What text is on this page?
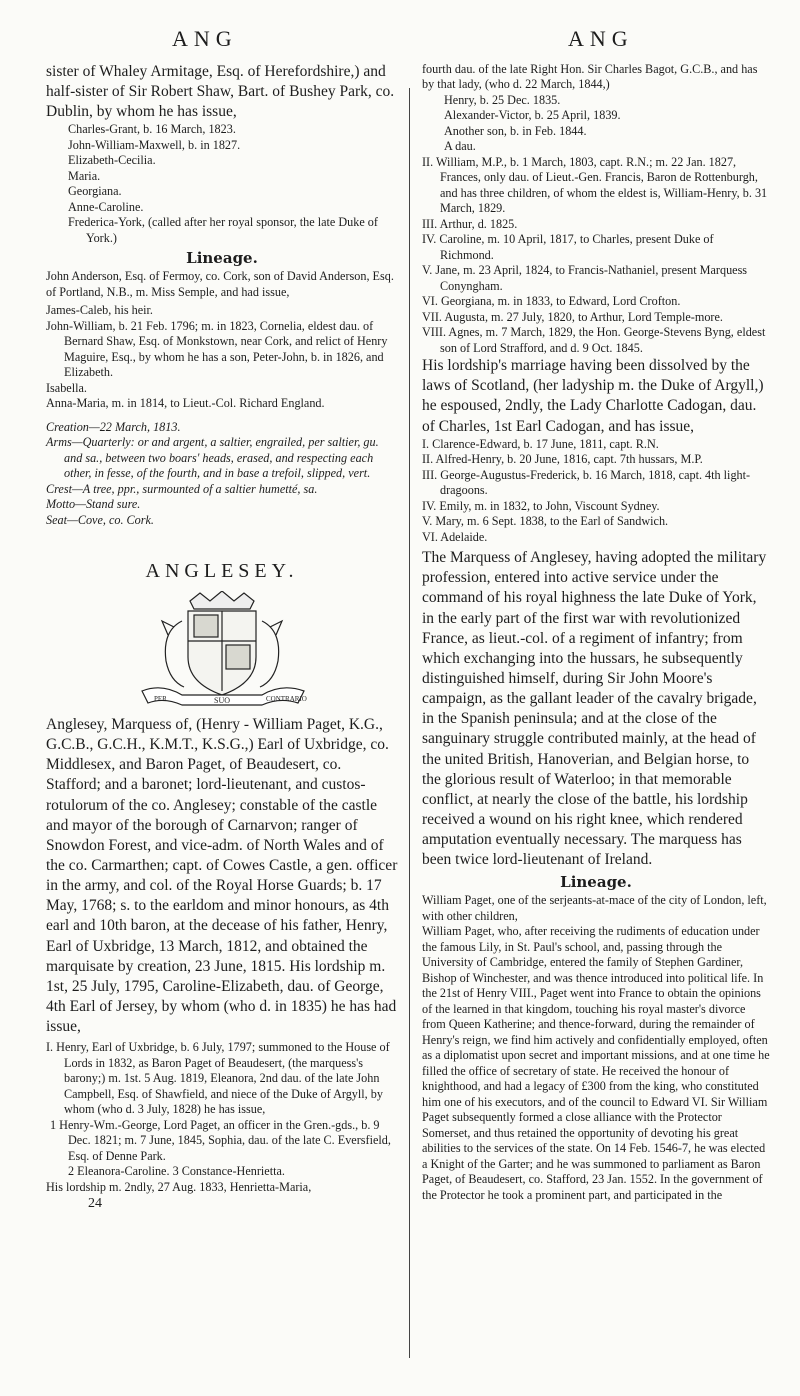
ANG	ANG

sister of Whaley Armitage, Esq. of Herefordshire,) and half-sister of Sir Robert Shaw, Bart. of Bushey Park, co. Dublin, by whom he has issue,

Charles-Grant, b. 16 March, 1823.

John-William-Maxwell, b. in 1827.

Elizabeth-Cecilia.

Maria.

Georgiana.

Anne-Caroline.

Frederica-York, (called after her royal sponsor, the late Duke of York.)

Lineage.

John Anderson, Esq. of Fermoy, co. Cork, son of David Anderson, Esq. of Portland, N.B., m. Miss Semple, and had issue,

James-Caleb, his heir.

John-William, b. 21 Feb. 1796; m. in 1823, Cornelia, eldest dau. of Bernard Shaw, Esq. of Monkstown, near Cork, and relict of Henry Maguire, Esq., by whom he has a son, Peter-John, b. in 1826, and Elizabeth.

Isabella.

Anna-Maria, m. in 1814, to Lieut.-Col. Richard England.

Creation—22 March, 1813.

Arms—Quarterly: or and argent, a saltier, engrailed, per saltier, gu. and sa., between two boars' heads, erased, and respecting each other, in fesse, of the fourth, and in base a trefoil, slipped, vert.

Crest—A tree, ppr., surmounted of a saltier humetté, sa.

Motto—Stand sure.

Seat—Cove, co. Cork.

ANGLESEY.
PER	SUO	CONTRARIO

Anglesey, Marquess of, (Henry - William Paget, K.G., G.C.B., G.C.H., K.M.T., K.S.G.,) Earl of Uxbridge, co. Middlesex, and Baron Paget, of Beaudesert, co. Stafford; and a baronet; lord-lieutenant, and custos-rotulorum of the co. Anglesey; constable of the castle and mayor of the borough of Carnarvon; ranger of Snowdon Forest, and vice-adm. of North Wales and of the co. Carmarthen; capt. of Cowes Castle, a gen. officer in the army, and col. of the Royal Horse Guards; b. 17 May, 1768; s. to the earldom and minor honours, as 4th earl and 10th baron, at the decease of his father, Henry, Earl of Uxbridge, 13 March, 1812, and obtained the marquisate by creation, 23 June, 1815. His lordship m. 1st, 25 July, 1795, Caroline-Elizabeth, dau. of George, 4th Earl of Jersey, by whom (who d. in 1835) he has had issue,

I. Henry, Earl of Uxbridge, b. 6 July, 1797; summoned to the House of Lords in 1832, as Baron Paget of Beaudesert, (the marquess's barony;) m. 1st. 5 Aug. 1819, Eleanora, 2nd dau. of the late John Campbell, Esq. of Shawfield, and niece of the Duke of Argyll, by whom (who d. 3 July, 1828) he has issue,

1 Henry-Wm.-George, Lord Paget, an officer in the Gren.-gds., b. 9 Dec. 1821; m. 7 June, 1845, Sophia, dau. of the late C. Eversfield, Esq. of Denne Park.

2 Eleanora-Caroline. 3 Constance-Henrietta.

His lordship m. 2ndly, 27 Aug. 1833, Henrietta-Maria,

24

fourth dau. of the late Right Hon. Sir Charles Bagot, G.C.B., and has by that lady, (who d. 22 March, 1844,)

Henry, b. 25 Dec. 1835.

Alexander-Victor, b. 25 April, 1839.

Another son, b. in Feb. 1844.

A dau.

II. William, M.P., b. 1 March, 1803, capt. R.N.; m. 22 Jan. 1827, Frances, only dau. of Lieut.-Gen. Francis, Baron de Rottenburgh, and has three children, of whom the eldest is, William-Henry, b. 31 March, 1829.

III. Arthur, d. 1825.

IV. Caroline, m. 10 April, 1817, to Charles, present Duke of Richmond.

V. Jane, m. 23 April, 1824, to Francis-Nathaniel, present Marquess Conyngham.

VI. Georgiana, m. in 1833, to Edward, Lord Crofton.

VII. Augusta, m. 27 July, 1820, to Arthur, Lord Temple-more.

VIII. Agnes, m. 7 March, 1829, the Hon. George-Stevens Byng, eldest son of Lord Strafford, and d. 9 Oct. 1845.

His lordship's marriage having been dissolved by the laws of Scotland, (her ladyship m. the Duke of Argyll,) he espoused, 2ndly, the Lady Charlotte Cadogan, dau. of Charles, 1st Earl Cadogan, and has issue,

I. Clarence-Edward, b. 17 June, 1811, capt. R.N.

II. Alfred-Henry, b. 20 June, 1816, capt. 7th hussars, M.P.

III. George-Augustus-Frederick, b. 16 March, 1818, capt. 4th light-dragoons.

IV. Emily, m. in 1832, to John, Viscount Sydney.

V. Mary, m. 6 Sept. 1838, to the Earl of Sandwich.

VI. Adelaide.

The Marquess of Anglesey, having adopted the military profession, entered into active service under the command of his royal highness the late Duke of York, in the early part of the first war with revolutionized France, as lieut.-col. of a regiment of infantry; from which exchanging into the hussars, he subsequently distinguished himself, during Sir John Moore's campaign, as the gallant leader of the cavalry brigade, in the Spanish peninsula; and at the close of the sanguinary struggle contributed mainly, at the head of the united British, Hanoverian, and Belgian horse, to the glorious result of Waterloo; in that memorable conflict, at nearly the close of the battle, his lordship received a wound on his right knee, which rendered amputation eventually necessary. The marquess has been twice lord-lieutenant of Ireland.

Lineage.

William Paget, one of the serjeants-at-mace of the city of London, left, with other children,

William Paget, who, after receiving the rudiments of education under the famous Lily, in St. Paul's school, and, passing through the University of Cambridge, entered the family of Stephen Gardiner, Bishop of Winchester, and was thence introduced into political life. In the 21st of Henry VIII., Paget went into France to obtain the opinions of the learned in that kingdom, touching his royal master's divorce from Queen Katherine; and thence-forward, during the remainder of Henry's reign, we find him actively and confidentially employed, often as a diplomatist upon secret and important missions, and at one time he filled the office of secretary of state. He received the honour of knighthood, and had a legacy of £300 from the king, who constituted him one of his executors, and of the council to Edward VI. Sir William Paget subsequently formed a close alliance with the Protector Somerset, and thus retained the opportunity of devoting his great abilities to the services of the state. On 14 Feb. 1546-7, he was elected a Knight of the Garter; and he was summoned to parliament as Baron Paget, of Beaudesert, co. Stafford, 23 Jan. 1552. In the government of the Protector he took a prominent part, and participated in the
